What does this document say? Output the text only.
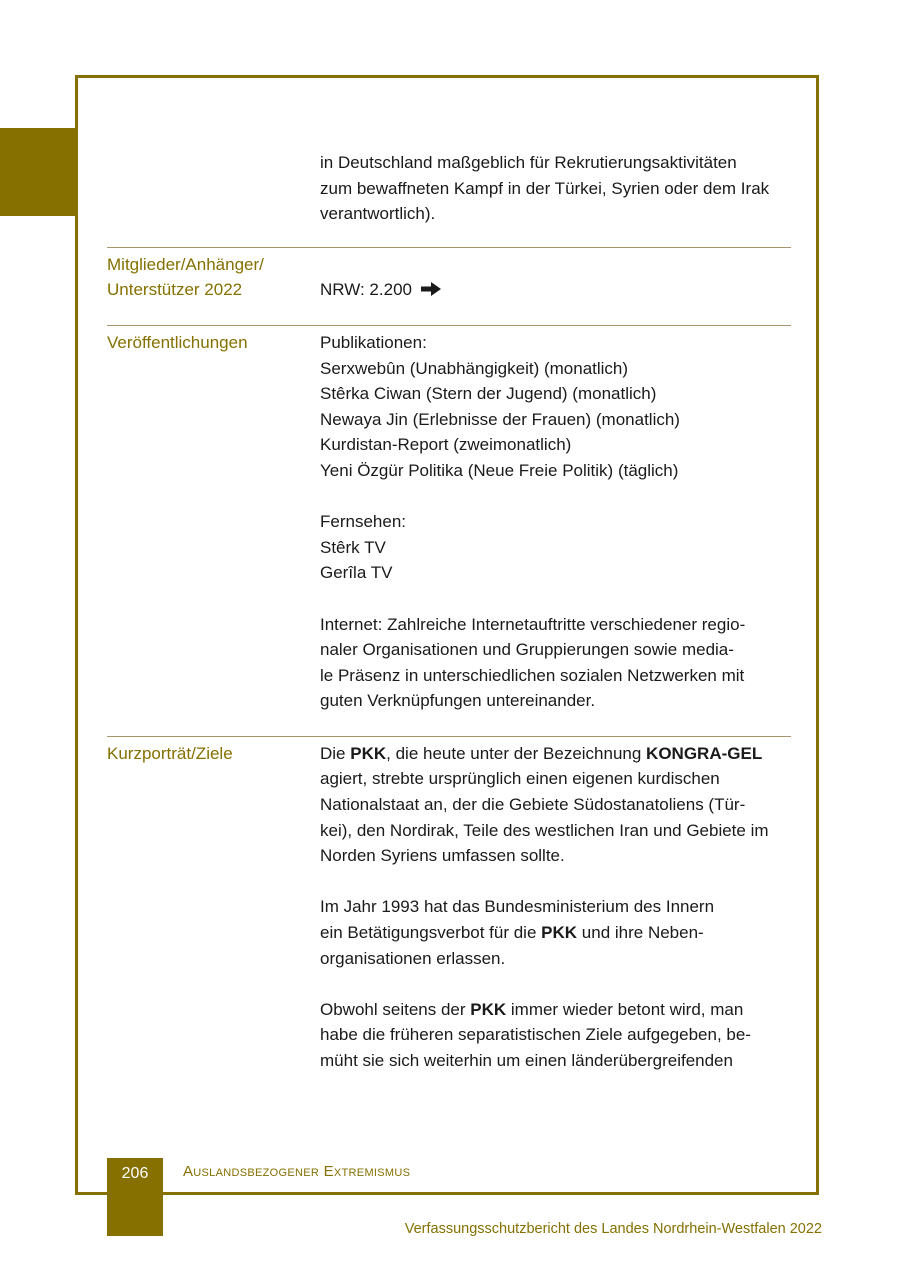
in Deutschland maßgeblich für Rekrutierungsaktivitäten

zum bewaffneten Kampf in der Türkei, Syrien oder dem Irak

verantwortlich).

Mitglieder/Anhänger/
Unterstützer 2022	NRW: 2.200
Veröffentlichungen	Publikationen:

Serxwebûn (Unabhängigkeit) (monatlich)

Stêrka Ciwan (Stern der Jugend) (monatlich)

Newaya Jin (Erlebnisse der Frauen) (monatlich)

Kurdistan-Report (zweimonatlich)

Yeni Özgür Politika (Neue Freie Politik) (täglich)

Fernsehen:

Stêrk TV

Gerîla TV

Internet: Zahlreiche Internetauftritte verschiedener regio-

naler Organisationen und Gruppierungen sowie media-

le Präsenz in unterschiedlichen sozialen Netzwerken mit

guten Verknüpfungen untereinander.

Kurzporträt/Ziele	Die PKK, die heute unter der Bezeichnung KONGRA-GEL

agiert, strebte ursprünglich einen eigenen kurdischen

Nationalstaat an, der die Gebiete Südostanatoliens (Tür-

kei), den Nordirak, Teile des westlichen Iran und Gebiete im

Norden Syriens umfassen sollte.

Im Jahr 1993 hat das Bundesministerium des Innern

ein Betätigungsverbot für die PKK und ihre Neben-

organisationen erlassen.

Obwohl seitens der PKK immer wieder betont wird, man

habe die früheren separatistischen Ziele aufgegeben, be-

müht sie sich weiterhin um einen länderübergreifenden

206	Auslandsbezogener Extremismus
Verfassungsschutzbericht des Landes Nordrhein-Westfalen 2022
